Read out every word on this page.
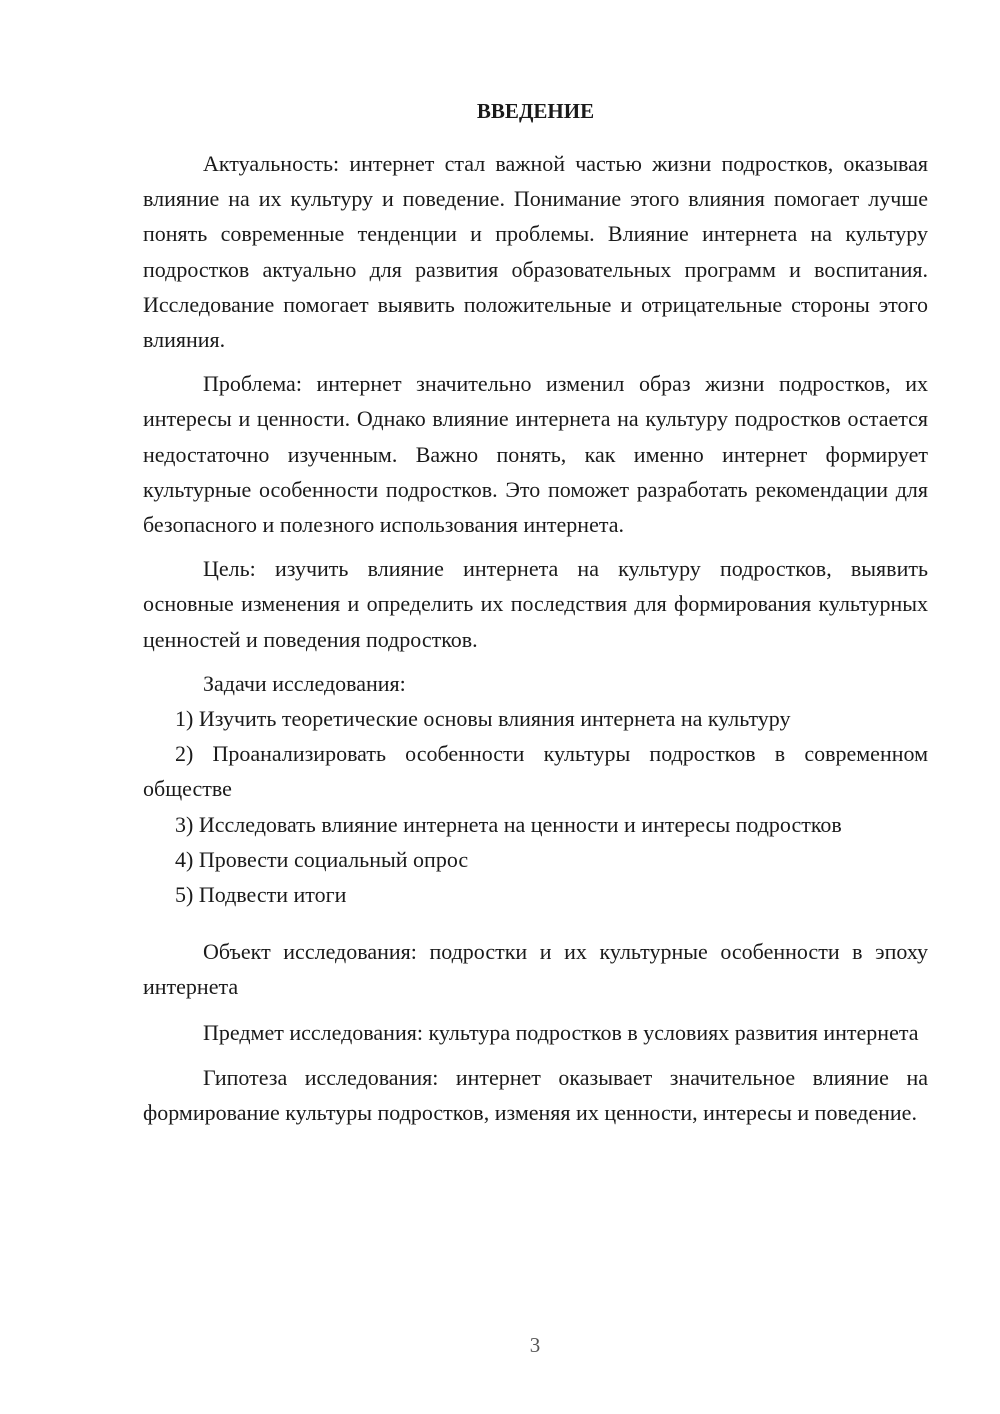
ВВЕДЕНИЕ

Актуальность: интернет стал важной частью жизни подростков, оказывая влияние на их культуру и поведение. Понимание этого влияния помогает лучше понять современные тенденции и проблемы. Влияние интернета на культуру подростков актуально для развития образовательных программ и воспитания. Исследование помогает выявить положительные и отрицательные стороны этого влияния.

Проблема: интернет значительно изменил образ жизни подростков, их интересы и ценности. Однако влияние интернета на культуру подростков остается недостаточно изученным. Важно понять, как именно интернет формирует культурные особенности подростков. Это поможет разработать рекомендации для безопасного и полезного использования интернета.

Цель: изучить влияние интернета на культуру подростков, выявить основные изменения и определить их последствия для формирования культурных ценностей и поведения подростков.

Задачи исследования:

1) Изучить теоретические основы влияния интернета на культуру

2) Проанализировать особенности культуры подростков в современном обществе

3) Исследовать влияние интернета на ценности и интересы подростков

4) Провести социальный опрос

5) Подвести итоги

Объект исследования: подростки и их культурные особенности в эпоху интернета

Предмет исследования: культура подростков в условиях развития интернета

Гипотеза исследования: интернет оказывает значительное влияние на формирование культуры подростков, изменяя их ценности, интересы и поведение.

3
